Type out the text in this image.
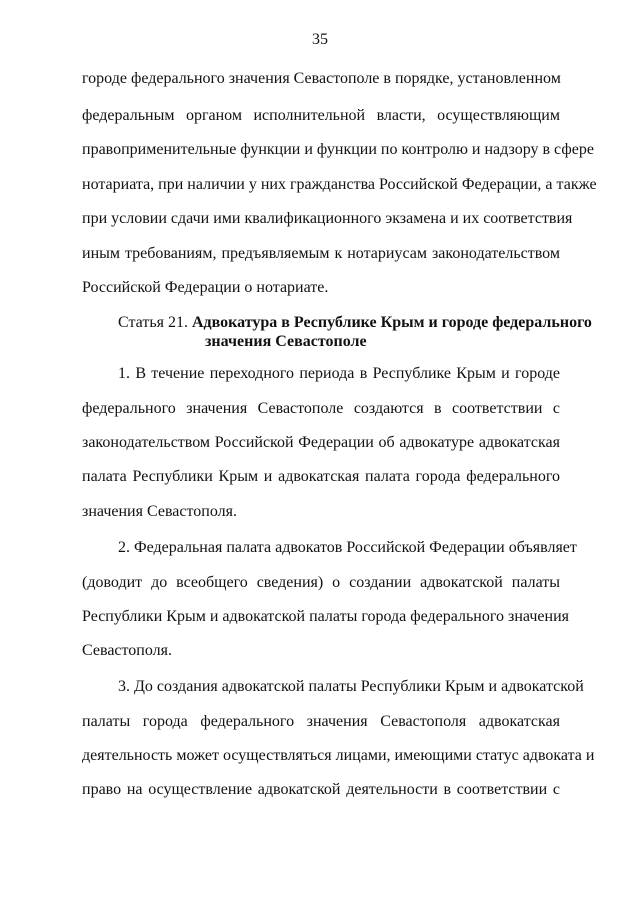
35
городе федерального значения Севастополе в порядке, установленном
федеральным органом исполнительной власти, осуществляющим
правоприменительные функции и функции по контролю и надзору в сфере
нотариата, при наличии у них гражданства Российской Федерации, а также
при условии сдачи ими квалификационного экзамена и их соответствия
иным требованиям, предъявляемым к нотариусам законодательством
Российской Федерации о нотариате.
Статья 21. Адвокатура в Республике Крым и городе федерального
значения Севастополе
1. В течение переходного периода в Республике Крым и городе
федерального значения Севастополе создаются в соответствии с
законодательством Российской Федерации об адвокатуре адвокатская
палата Республики Крым и адвокатская палата города федерального
значения Севастополя.
2. Федеральная палата адвокатов Российской Федерации объявляет
(доводит до всеобщего сведения) о создании адвокатской палаты
Республики Крым и адвокатской палаты города федерального значения
Севастополя.
3. До создания адвокатской палаты Республики Крым и адвокатской
палаты города федерального значения Севастополя адвокатская
деятельность может осуществляться лицами, имеющими статус адвоката и
право на осуществление адвокатской деятельности в соответствии с
